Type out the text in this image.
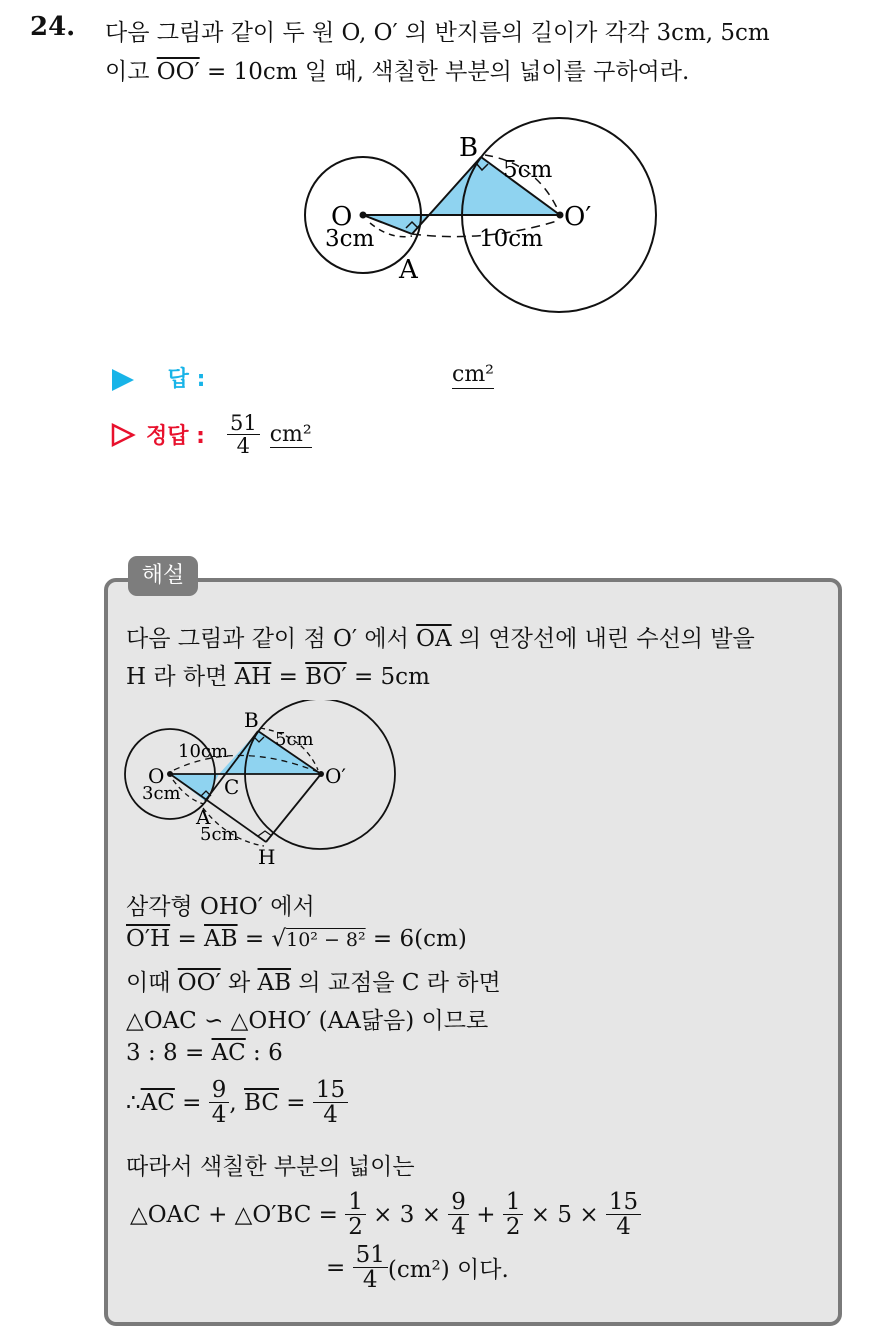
24. 다음 그림과 같이 두 원 O, O′ 의 반지름의 길이가 각각 3cm, 5cm
이고 OO′ = 10cm 일 때, 색칠한 부분의 넓이를 구하여라.
B
O	O′
A
3cm
5cm
10cm
답 :	cm²
정답 : $\frac{51}{4} cm^2$
해설
다음 그림과 같이 점 O′ 에서 $\overline{OA}$ 의 연장선에 내린 수선의 발을
H 라 하면 $\overline{AH} = BO' = 5cm$
B
O	O′
A
C
H
10cm
3cm
5cm
5cm
삼각형 OHO′ 에서
$O'H = \overline{AB} = √10^2 - 8^2 = 6(cm)$
이때 OO′ 와 $\overline{AB}$ 의 교점을 C 라 하면
△OAC ∽ △OHO′ (AA닮음) 이므로
3 : $8 = \overline{AC}$ : 6
∴ $\overline{AC} = \frac{9}{4}$ , $\overline{BC} = \frac{15}{4}$
따라서 색칠한 부분의 넓이는
△OAC + △O′BC = $\frac{1}{2} \times 3 \times \frac{9}{4} + \frac{1}{2} \times 5 \times \frac{15}{4}$
= $\frac{51}{4} (cm^2)$ 이다.
